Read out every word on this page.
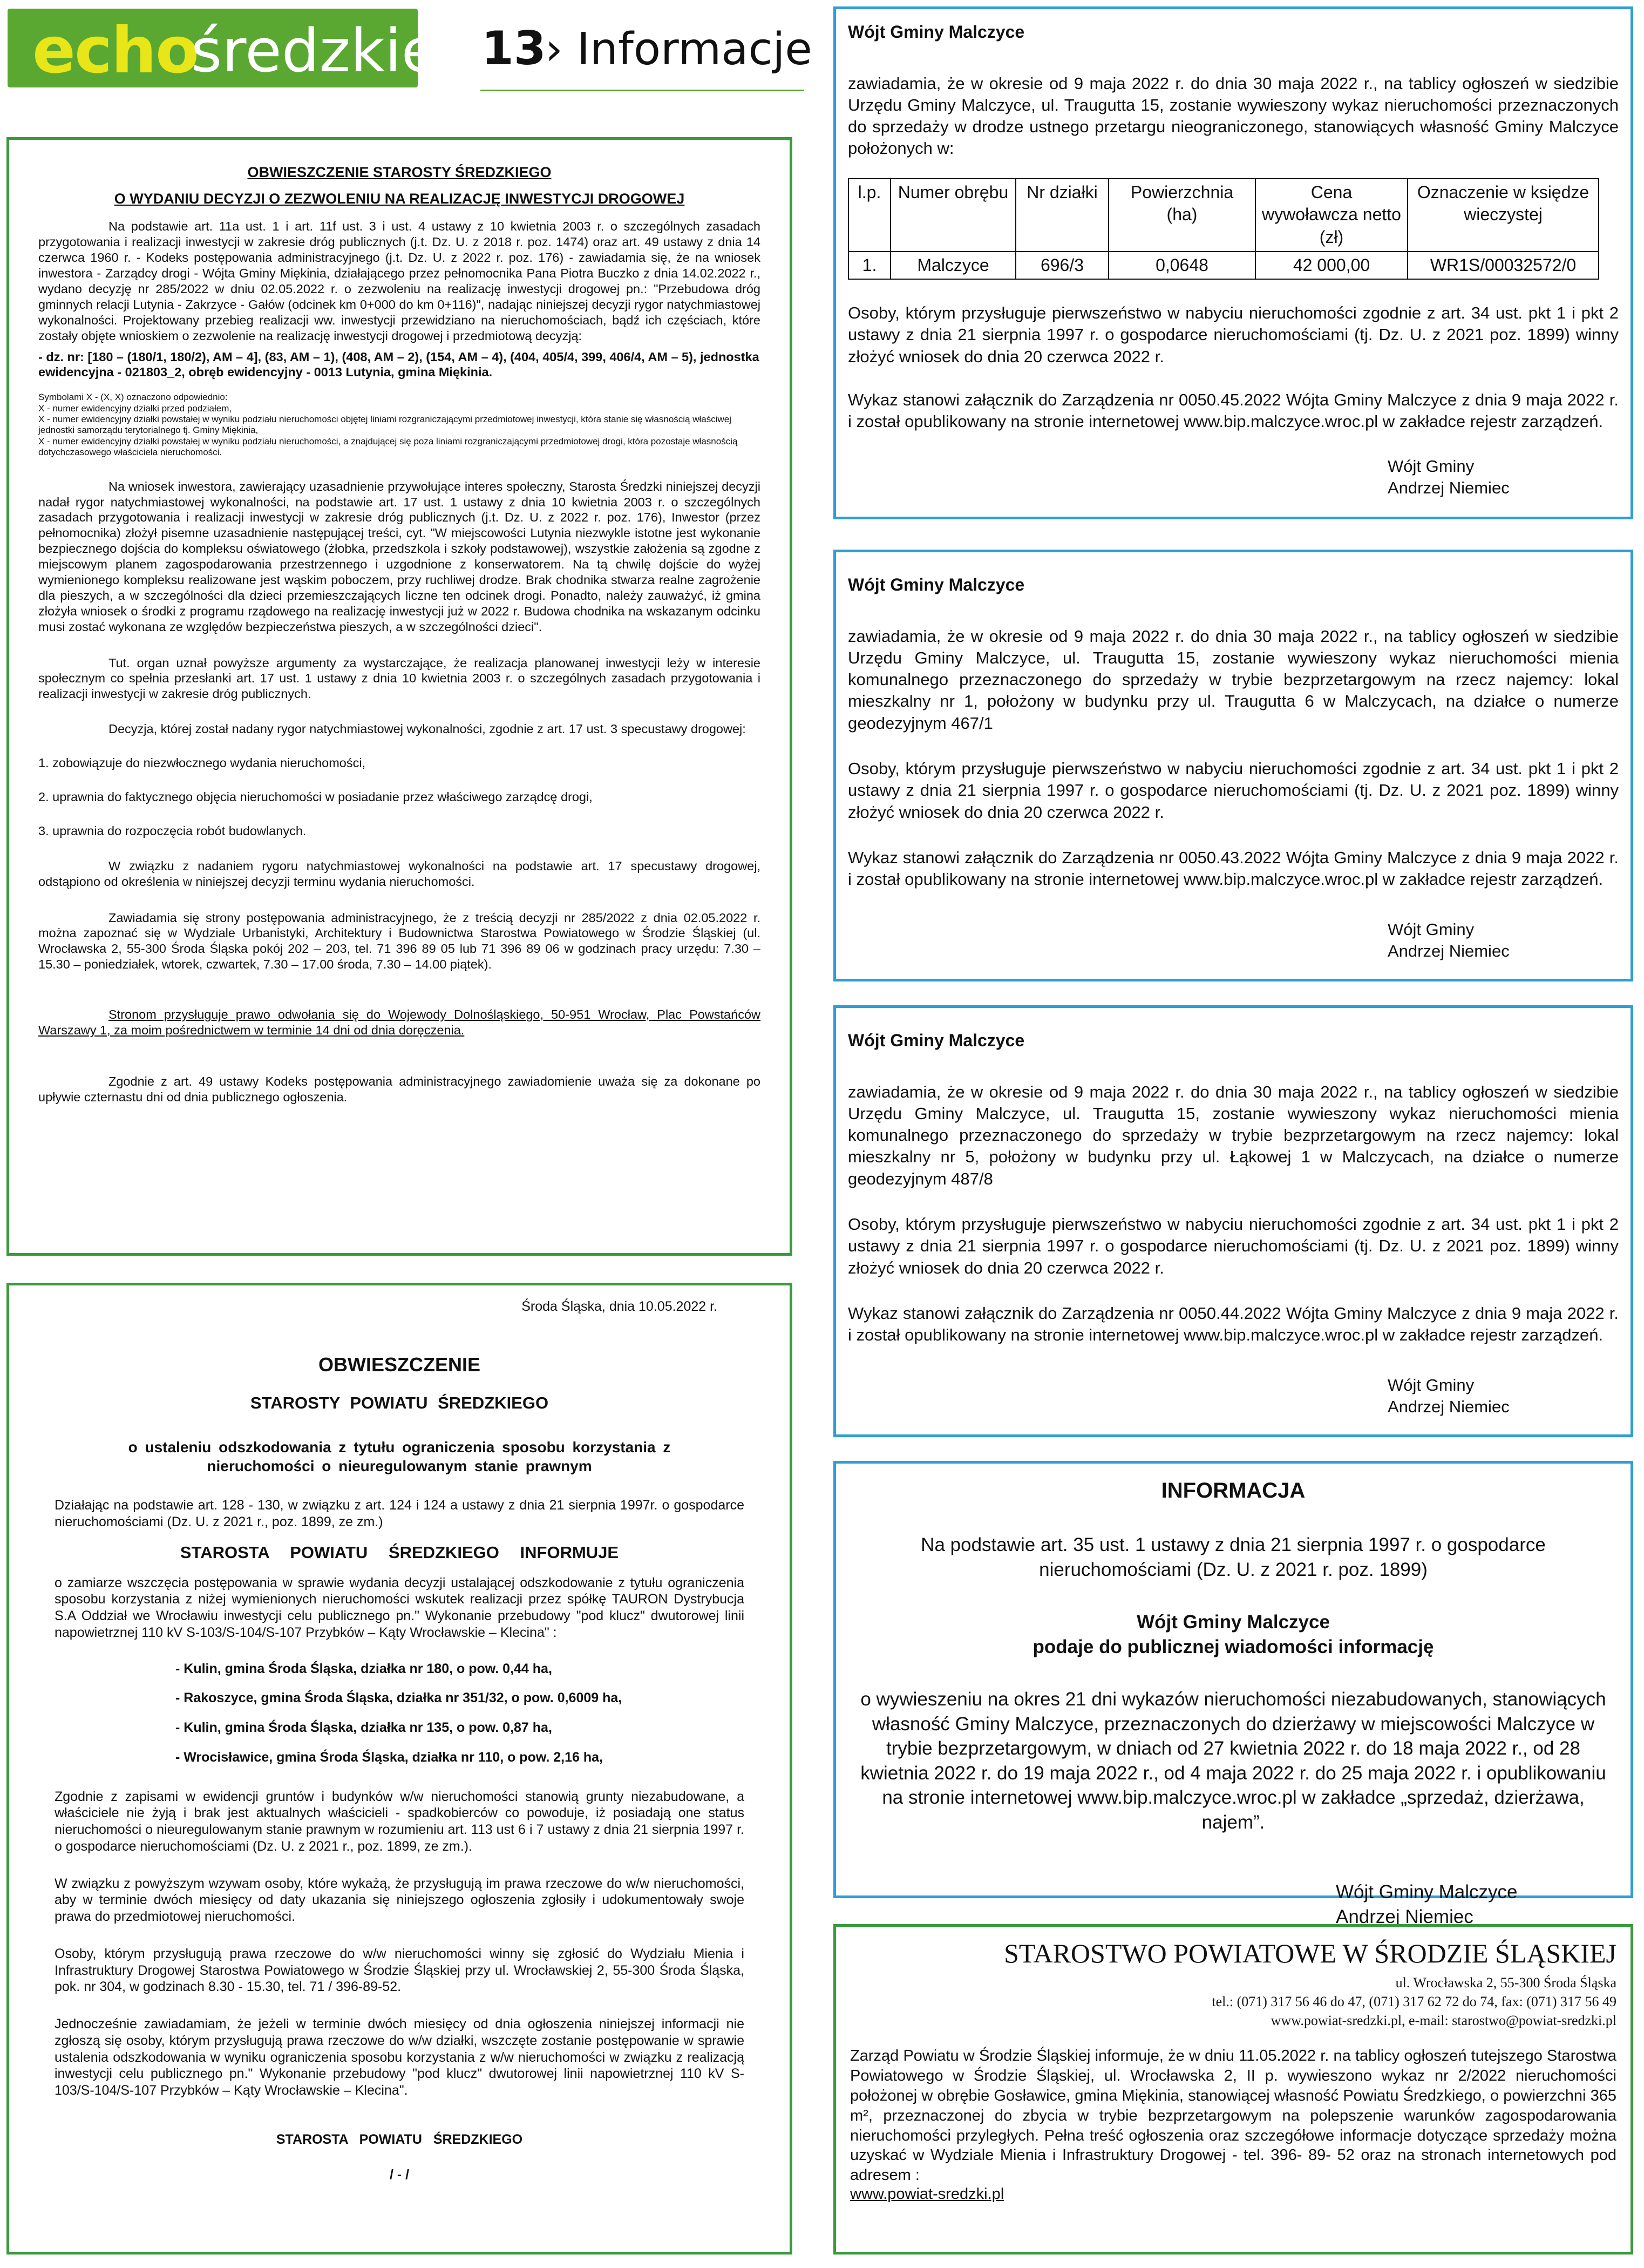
echo
średzkie 13
› Informacje

OBWIESZCZENIE STAROSTY ŚREDZKIEGO

O WYDANIU DECYZJI O ZEZWOLENIU NA REALIZACJĘ INWESTYCJI DROGOWEJ

Na podstawie art. 11a ust. 1 i art. 11f ust. 3 i ust. 4 ustawy z 10 kwietnia 2003 r. o szczególnych zasadach przygotowania i realizacji inwestycji w zakresie dróg publicznych (j.t. Dz. U. z 2018 r. poz. 1474) oraz art. 49 ustawy z dnia 14 czerwca 1960 r. - Kodeks postępowania administracyjnego (j.t. Dz. U. z 2022 r. poz. 176) - zawiadamia się, że na wniosek inwestora - Zarządcy drogi - Wójta Gminy Miękinia, działającego przez pełnomocnika Pana Piotra Buczko z dnia 14.02.2022 r., wydano decyzję nr 285/2022 w dniu 02.05.2022 r. o zezwoleniu na realizację inwestycji drogowej pn.: "Przebudowa dróg gminnych relacji Lutynia - Zakrzyce - Gałów (odcinek km 0+000 do km 0+116)", nadając niniejszej decyzji rygor natychmiastowej wykonalności. Projektowany przebieg realizacji ww. inwestycji przewidziano na nieruchomościach, bądź ich częściach, które zostały objęte wnioskiem o zezwolenie na realizację inwestycji drogowej i przedmiotową decyzją:

- dz. nr: [180 – (180/1, 180/2), AM – 4], (83, AM – 1), (408, AM – 2), (154, AM – 4), (404, 405/4, 399, 406/4, AM – 5), jednostka ewidencyjna - 021803_2, obręb ewidencyjny - 0013 Lutynia, gmina Miękinia.

Symbolami X - (X, X) oznaczono odpowiednio:

X - numer ewidencyjny działki przed podziałem,

X - numer ewidencyjny działki powstałej w wyniku podziału nieruchomości objętej liniami rozgraniczającymi przedmiotowej inwestycji, która stanie się własnością właściwej jednostki samorządu terytorialnego tj. Gminy Miękinia,

X - numer ewidencyjny działki powstałej w wyniku podziału nieruchomości, a znajdującej się poza liniami rozgraniczającymi przedmiotowej drogi, która pozostaje własnością dotychczasowego właściciela nieruchomości.

Na wniosek inwestora, zawierający uzasadnienie przywołujące interes społeczny, Starosta Średzki niniejszej decyzji nadał rygor natychmiastowej wykonalności, na podstawie art. 17 ust. 1 ustawy z dnia 10 kwietnia 2003 r. o szczególnych zasadach przygotowania i realizacji inwestycji w zakresie dróg publicznych (j.t. Dz. U. z 2022 r. poz. 176), Inwestor (przez pełnomocnika) złożył pisemne uzasadnienie następującej treści, cyt. "W miejscowości Lutynia niezwykle istotne jest wykonanie bezpiecznego dojścia do kompleksu oświatowego (żłobka, przedszkola i szkoły podstawowej), wszystkie założenia są zgodne z miejscowym planem zagospodarowania przestrzennego i uzgodnione z konserwatorem. Na tą chwilę dojście do wyżej wymienionego kompleksu realizowane jest wąskim poboczem, przy ruchliwej drodze. Brak chodnika stwarza realne zagrożenie dla pieszych, a w szczególności dla dzieci przemieszczających liczne ten odcinek drogi. Ponadto, należy zauważyć, iż gmina złożyła wniosek o środki z programu rządowego na realizację inwestycji już w 2022 r. Budowa chodnika na wskazanym odcinku musi zostać wykonana ze względów bezpieczeństwa pieszych, a w szczególności dzieci".

Tut. organ uznał powyższe argumenty za wystarczające, że realizacja planowanej inwestycji leży w interesie społecznym co spełnia przesłanki art. 17 ust. 1 ustawy z dnia 10 kwietnia 2003 r. o szczególnych zasadach przygotowania i realizacji inwestycji w zakresie dróg publicznych.

Decyzja, której został nadany rygor natychmiastowej wykonalności, zgodnie z art. 17 ust. 3 specustawy drogowej:

1. zobowiązuje do niezwłocznego wydania nieruchomości,

2. uprawnia do faktycznego objęcia nieruchomości w posiadanie przez właściwego zarządcę drogi,

3. uprawnia do rozpoczęcia robót budowlanych.

W związku z nadaniem rygoru natychmiastowej wykonalności na podstawie art. 17 specustawy drogowej, odstąpiono od określenia w niniejszej decyzji terminu wydania nieruchomości.

Zawiadamia się strony postępowania administracyjnego, że z treścią decyzji nr 285/2022 z dnia 02.05.2022 r. można zapoznać się w Wydziale Urbanistyki, Architektury i Budownictwa Starostwa Powiatowego w Środzie Śląskiej (ul. Wrocławska 2, 55-300 Środa Śląska pokój 202 – 203, tel. 71 396 89 05 lub 71 396 89 06 w godzinach pracy urzędu: 7.30 – 15.30 – poniedziałek, wtorek, czwartek, 7.30 – 17.00 środa, 7.30 – 14.00 piątek).

Stronom przysługuje prawo odwołania się do Wojewody Dolnośląskiego, 50-951 Wrocław, Plac Powstańców Warszawy 1, za moim pośrednictwem w terminie 14 dni od dnia doręczenia.

Zgodnie z art. 49 ustawy Kodeks postępowania administracyjnego zawiadomienie uważa się za dokonane po upływie czternastu dni od dnia publicznego ogłoszenia.

Środa Śląska, dnia 10.05.2022 r.

OBWIESZCZENIE

STAROSTY POWIATU ŚREDZKIEGO

o ustaleniu odszkodowania z tytułu ograniczenia sposobu korzystania z nieruchomości o nieuregulowanym stanie prawnym

Działając na podstawie art. 128 - 130, w związku z art. 124 i 124 a ustawy z dnia 21 sierpnia 1997r. o gospodarce nieruchomościami (Dz. U. z 2021 r., poz. 1899, ze zm.)

STAROSTA POWIATU ŚREDZKIEGO INFORMUJE

o zamiarze wszczęcia postępowania w sprawie wydania decyzji ustalającej odszkodowanie z tytułu ograniczenia sposobu korzystania z niżej wymienionych nieruchomości wskutek realizacji przez spółkę TAURON Dystrybucja S.A Oddział we Wrocławiu inwestycji celu publicznego pn." Wykonanie przebudowy "pod klucz" dwutorowej linii napowietrznej 110 kV S-103/S-104/S-107 Przybków – Kąty Wrocławskie – Klecina" :

- Kulin, gmina Środa Śląska, działka nr 180, o pow. 0,44 ha,

- Rakoszyce, gmina Środa Śląska, działka nr 351/32, o pow. 0,6009 ha,

- Kulin, gmina Środa Śląska, działka nr 135, o pow. 0,87 ha,

- Wrocisławice, gmina Środa Śląska, działka nr 110, o pow. 2,16 ha,

Zgodnie z zapisami w ewidencji gruntów i budynków w/w nieruchomości stanowią grunty niezabudowane, a właściciele nie żyją i brak jest aktualnych właścicieli - spadkobierców co powoduje, iż posiadają one status nieruchomości o nieuregulowanym stanie prawnym w rozumieniu art. 113 ust 6 i 7 ustawy z dnia 21 sierpnia 1997 r. o gospodarce nieruchomościami (Dz. U. z 2021 r., poz. 1899, ze zm.).

W związku z powyższym wzywam osoby, które wykażą, że przysługują im prawa rzeczowe do w/w nieruchomości, aby w terminie dwóch miesięcy od daty ukazania się niniejszego ogłoszenia zgłosiły i udokumentowały swoje prawa do przedmiotowej nieruchomości.

Osoby, którym przysługują prawa rzeczowe do w/w nieruchomości winny się zgłosić do Wydziału Mienia i Infrastruktury Drogowej Starostwa Powiatowego w Środzie Śląskiej przy ul. Wrocławskiej 2, 55-300 Środa Śląska, pok. nr 304, w godzinach 8.30 - 15.30, tel. 71 / 396-89-52.

Jednocześnie zawiadamiam, że jeżeli w terminie dwóch miesięcy od dnia ogłoszenia niniejszej informacji nie zgłoszą się osoby, którym przysługują prawa rzeczowe do w/w działki, wszczęte zostanie postępowanie w sprawie ustalenia odszkodowania w wyniku ograniczenia sposobu korzystania z w/w nieruchomości w związku z realizacją inwestycji celu publicznego pn." Wykonanie przebudowy "pod klucz" dwutorowej linii napowietrznej 110 kV S-103/S-104/S-107 Przybków – Kąty Wrocławskie – Klecina".

STAROSTA POWIATU ŚREDZKIEGO

/ - /

Wójt Gminy Malczyce

zawiadamia, że w okresie od 9 maja 2022 r. do dnia 30 maja 2022 r., na tablicy ogłoszeń w siedzibie Urzędu Gminy Malczyce, ul. Traugutta 15, zostanie wywieszony wykaz nieruchomości przeznaczonych do sprzedaży w drodze ustnego przetargu nieograniczonego, stanowiących własność Gminy Malczyce położonych w:

l.p.	Numer obrębu	Nr działki	Powierzchnia (ha)	Cena wywoławcza netto (zł)	Oznaczenie w księdze wieczystej
1.	Malczyce	696/3	0,0648	42 000,00	WR1S/00032572/0

Osoby, którym przysługuje pierwszeństwo w nabyciu nieruchomości zgodnie z art. 34 ust. pkt 1 i pkt 2 ustawy z dnia 21 sierpnia 1997 r. o gospodarce nieruchomościami (tj. Dz. U. z 2021 poz. 1899) winny złożyć wniosek do dnia 20 czerwca 2022 r.

Wykaz stanowi załącznik do Zarządzenia nr 0050.45.2022 Wójta Gminy Malczyce z dnia 9 maja 2022 r. i został opublikowany na stronie internetowej www.bip.malczyce.wroc.pl w zakładce rejestr zarządzeń.

Wójt Gminy

Andrzej Niemiec

Wójt Gminy Malczyce

zawiadamia, że w okresie od 9 maja 2022 r. do dnia 30 maja 2022 r., na tablicy ogłoszeń w siedzibie Urzędu Gminy Malczyce, ul. Traugutta 15, zostanie wywieszony wykaz nieruchomości mienia komunalnego przeznaczonego do sprzedaży w trybie bezprzetargowym na rzecz najemcy: lokal mieszkalny nr 1, położony w budynku przy ul. Traugutta 6 w Malczycach, na działce o numerze geodezyjnym 467/1

Osoby, którym przysługuje pierwszeństwo w nabyciu nieruchomości zgodnie z art. 34 ust. pkt 1 i pkt 2 ustawy z dnia 21 sierpnia 1997 r. o gospodarce nieruchomościami (tj. Dz. U. z 2021 poz. 1899) winny złożyć wniosek do dnia 20 czerwca 2022 r.

Wykaz stanowi załącznik do Zarządzenia nr 0050.43.2022 Wójta Gminy Malczyce z dnia 9 maja 2022 r. i został opublikowany na stronie internetowej www.bip.malczyce.wroc.pl w zakładce rejestr zarządzeń.

Wójt Gminy

Andrzej Niemiec

Wójt Gminy Malczyce

zawiadamia, że w okresie od 9 maja 2022 r. do dnia 30 maja 2022 r., na tablicy ogłoszeń w siedzibie Urzędu Gminy Malczyce, ul. Traugutta 15, zostanie wywieszony wykaz nieruchomości mienia komunalnego przeznaczonego do sprzedaży w trybie bezprzetargowym na rzecz najemcy: lokal mieszkalny nr 5, położony w budynku przy ul. Łąkowej 1 w Malczycach, na działce o numerze geodezyjnym 487/8

Osoby, którym przysługuje pierwszeństwo w nabyciu nieruchomości zgodnie z art. 34 ust. pkt 1 i pkt 2 ustawy z dnia 21 sierpnia 1997 r. o gospodarce nieruchomościami (tj. Dz. U. z 2021 poz. 1899) winny złożyć wniosek do dnia 20 czerwca 2022 r.

Wykaz stanowi załącznik do Zarządzenia nr 0050.44.2022 Wójta Gminy Malczyce z dnia 9 maja 2022 r. i został opublikowany na stronie internetowej www.bip.malczyce.wroc.pl w zakładce rejestr zarządzeń.

Wójt Gminy

Andrzej Niemiec

INFORMACJA

Na podstawie art. 35 ust. 1 ustawy z dnia 21 sierpnia 1997 r. o gospodarce nieruchomościami (Dz. U. z 2021 r. poz. 1899)

Wójt Gminy Malczyce

podaje do publicznej wiadomości informację

o wywieszeniu na okres 21 dni wykazów nieruchomości niezabudowanych, stanowiących własność Gminy Malczyce, przeznaczonych do dzierżawy w miejscowości Malczyce w trybie bezprzetargowym, w dniach od 27 kwietnia 2022 r. do 18 maja 2022 r., od 28 kwietnia 2022 r. do 19 maja 2022 r., od 4 maja 2022 r. do 25 maja 2022 r. i opublikowaniu na stronie internetowej www.bip.malczyce.wroc.pl w zakładce „sprzedaż, dzierżawa, najem”.

Wójt Gminy Malczyce

Andrzej Niemiec

STAROSTWO POWIATOWE W ŚRODZIE ŚLĄSKIEJ

ul. Wrocławska 2, 55-300 Środa Śląska

tel.: (071) 317 56 46 do 47, (071) 317 62 72 do 74, fax: (071) 317 56 49

www.powiat-sredzki.pl, e-mail: starostwo@powiat-sredzki.pl

Zarząd Powiatu w Środzie Śląskiej informuje, że w dniu 11.05.2022 r. na tablicy ogłoszeń tutejszego Starostwa Powiatowego w Środzie Śląskiej, ul. Wrocławska 2, II p. wywieszono wykaz nr 2/2022 nieruchomości położonej w obrębie Gosławice, gmina Miękinia, stanowiącej własność Powiatu Średzkiego, o powierzchni 365 m², przeznaczonej do zbycia w trybie bezprzetargowym na polepszenie warunków zagospodarowania nieruchomości przyległych. Pełna treść ogłoszenia oraz szczegółowe informacje dotyczące sprzedaży można uzyskać w Wydziale Mienia i Infrastruktury Drogowej - tel. 396- 89- 52 oraz na stronach internetowych pod adresem :

www.powiat-sredzki.pl
